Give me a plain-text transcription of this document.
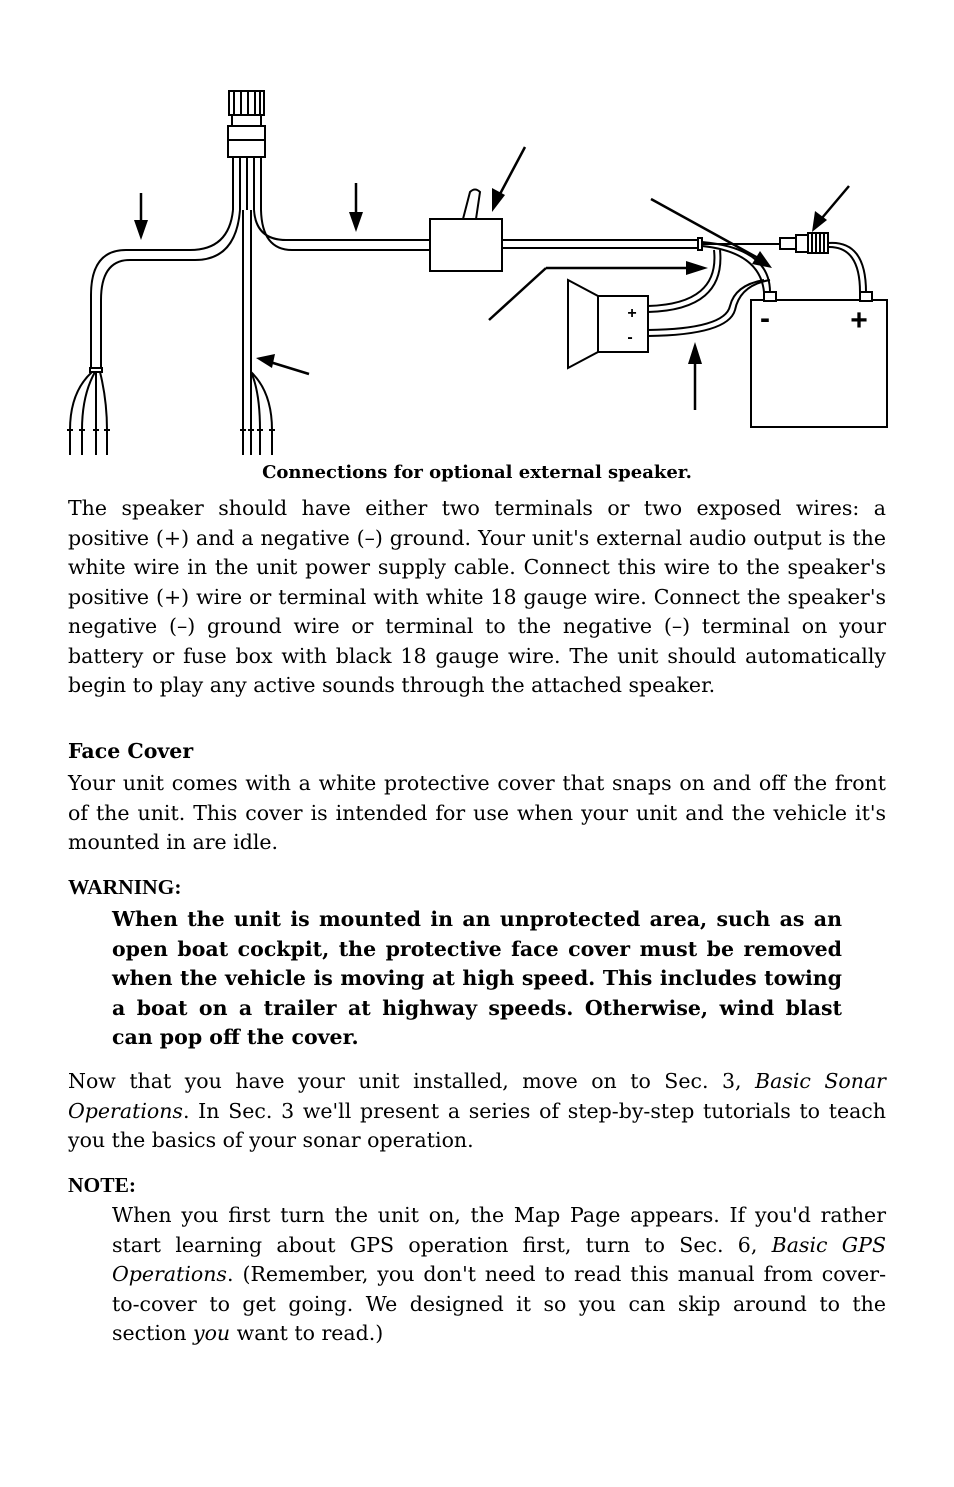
+
-
-	+
Connections for optional external speaker.

The speaker should have either two terminals or two exposed wires: a positive (+) and a negative (–) ground. Your unit's external audio output is the white wire in the unit power supply cable. Connect this wire to the speaker's positive (+) wire or terminal with white 18 gauge wire. Connect the speaker's negative (–) ground wire or terminal to the negative (–) terminal on your battery or fuse box with black 18 gauge wire. The unit should automatically begin to play any active sounds through the attached speaker.

Face Cover

Your unit comes with a white protective cover that snaps on and off the front of the unit. This cover is intended for use when your unit and the vehicle it's mounted in are idle.

WARNING:

When the unit is mounted in an unprotected area, such as an open boat cockpit, the protective face cover must be removed when the vehicle is moving at high speed. This includes towing a boat on a trailer at highway speeds. Otherwise, wind blast can pop off the cover.

Now that you have your unit installed, move on to Sec. 3, Basic Sonar Operations. In Sec. 3 we'll present a series of step-by-step tutorials to teach you the basics of your sonar operation.

NOTE:

When you first turn the unit on, the Map Page appears. If you'd rather start learning about GPS operation first, turn to Sec. 6, Basic GPS Operations. (Remember, you don't need to read this manual from cover-to-cover to get going. We designed it so you can skip around to the section you want to read.)
